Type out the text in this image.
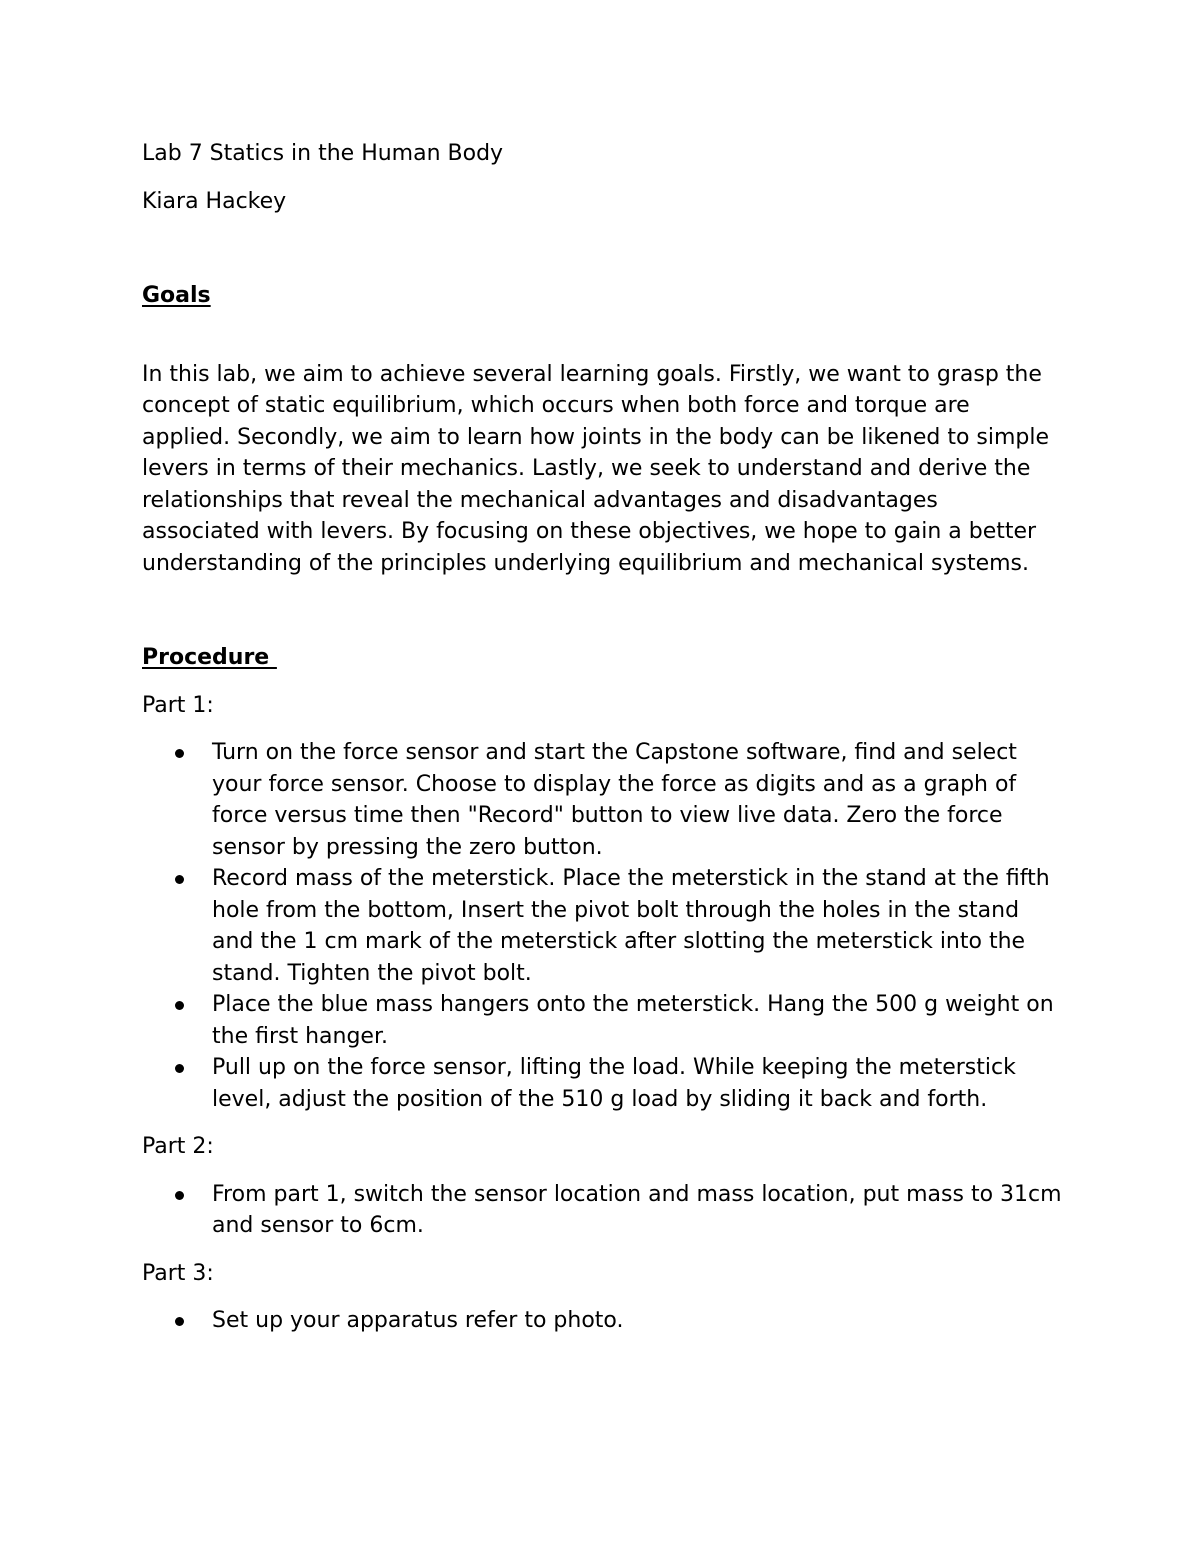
Lab 7 Statics in the Human Body

Kiara Hackey

Goals

In this lab, we aim to achieve several learning goals. Firstly, we want to grasp the concept of static equilibrium, which occurs when both force and torque are applied. Secondly, we aim to learn how joints in the body can be likened to simple levers in terms of their mechanics. Lastly, we seek to understand and derive the relationships that reveal the mechanical advantages and disadvantages associated with levers. By focusing on these objectives, we hope to gain a better understanding of the principles underlying equilibrium and mechanical systems.

Procedure

Part 1:

Turn on the force sensor and start the Capstone software, find and select your force sensor. Choose to display the force as digits and as a graph of force versus time then "Record" button to view live data. Zero the force sensor by pressing the zero button.
Record mass of the meterstick. Place the meterstick in the stand at the fifth hole from the bottom, Insert the pivot bolt through the holes in the stand and the 1 cm mark of the meterstick after slotting the meterstick into the stand. Tighten the pivot bolt.
Place the blue mass hangers onto the meterstick. Hang the 500 g weight on the first hanger.
Pull up on the force sensor, lifting the load. While keeping the meterstick level, adjust the position of the 510 g load by sliding it back and forth.

Part 2:

From part 1, switch the sensor location and mass location, put mass to 31cm and sensor to 6cm.

Part 3:

Set up your apparatus refer to photo.
